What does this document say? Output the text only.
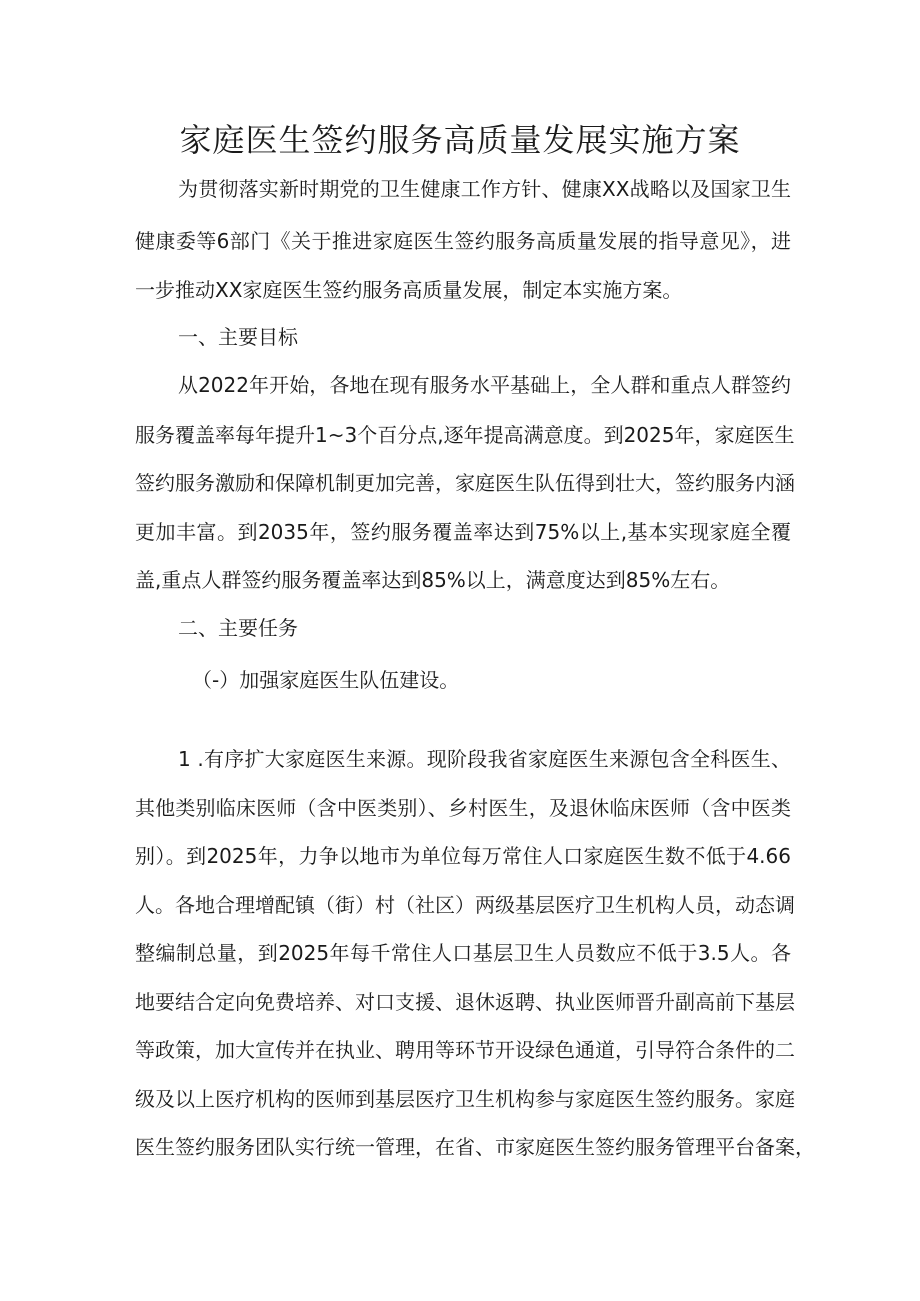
家庭医生签约服务高质量发展实施方案
为贯彻落实新时期党的卫生健康工作方针、健康XX战略以及国家卫生
健康委等6部门《关于推进家庭医生签约服务高质量发展的指导意见》，进
一步推动XX家庭医生签约服务高质量发展，制定本实施方案。
一、主要目标
从2022年开始，各地在现有服务水平基础上，全人群和重点人群签约
服务覆盖率每年提升1~3个百分点,逐年提高满意度。到2025年，家庭医生
签约服务激励和保障机制更加完善，家庭医生队伍得到壮大，签约服务内涵
更加丰富。到2035年，签约服务覆盖率达到75%以上,基本实现家庭全覆
盖,重点人群签约服务覆盖率达到85%以上，满意度达到85%左右。
二、主要任务
（-）加强家庭医生队伍建设。
1 .有序扩大家庭医生来源。现阶段我省家庭医生来源包含全科医生、
其他类别临床医师（含中医类别）、乡村医生，及退休临床医师（含中医类
别）。到2025年，力争以地市为单位每万常住人口家庭医生数不低于4.66
人。各地合理增配镇（街）村（社区）两级基层医疗卫生机构人员，动态调
整编制总量，到2025年每千常住人口基层卫生人员数应不低于3.5人。各
地要结合定向免费培养、对口支援、退休返聘、执业医师晋升副高前下基层
等政策，加大宣传并在执业、聘用等环节开设绿色通道，引导符合条件的二
级及以上医疗机构的医师到基层医疗卫生机构参与家庭医生签约服务。家庭
医生签约服务团队实行统一管理，在省、市家庭医生签约服务管理平台备案，
